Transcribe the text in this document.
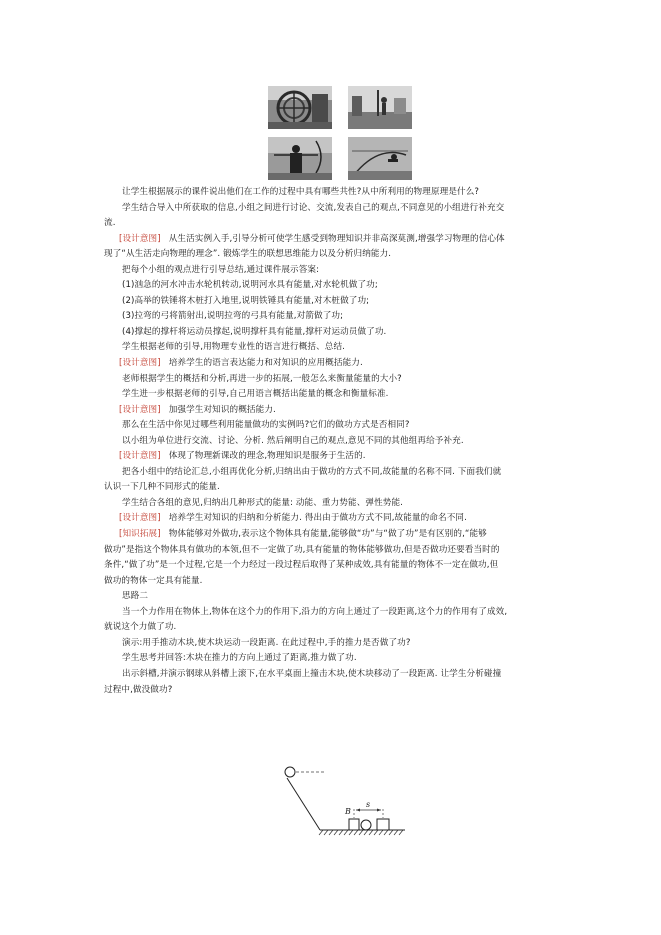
让学生根据展示的课件说出他们在工作的过程中具有哪些共性?从中所利用的物理原理是什么?

学生结合导入中所获取的信息,小组之间进行讨论、交流,发表自己的观点,不同意见的小组进行补充交

流.

[设计意图] 从生活实例入手,引导分析可使学生感受到物理知识并非高深莫测,增强学习物理的信心体

现了“从生活走向物理的理念”. 锻炼学生的联想思维能力以及分析归纳能力.

把每个小组的观点进行引导总结,通过课件展示答案:

(1)汹急的河水冲击水轮机转动,说明河水具有能量,对水轮机做了功;

(2)高举的铁锤将木桩打入地里,说明铁锤具有能量,对木桩做了功;

(3)拉弯的弓将箭射出,说明拉弯的弓具有能量,对箭做了功;

(4)撑起的撑杆将运动员撑起,说明撑杆具有能量,撑杆对运动员做了功.

学生根据老师的引导,用物理专业性的语言进行概括、总结.

[设计意图] 培养学生的语言表达能力和对知识的应用概括能力.

老师根据学生的概括和分析,再进一步的拓展,一般怎么来衡量能量的大小?

学生进一步根据老师的引导,自己用语言概括出能量的概念和衡量标准.

[设计意图] 加强学生对知识的概括能力.

那么在生活中你见过哪些利用能量做功的实例吗?它们的做功方式是否相同?

以小组为单位进行交流、讨论、分析. 然后阐明自己的观点,意见不同的其他组再给予补充.

[设计意图] 体现了物理新课改的理念,物理知识是服务于生活的.

把各小组中的结论汇总,小组再优化分析,归纳出由于做功的方式不同,故能量的名称不同. 下面我们就

认识一下几种不同形式的能量.

学生结合各组的意见,归纳出几种形式的能量: 动能、重力势能、弹性势能.

[设计意图] 培养学生对知识的归纳和分析能力. 得出由于做功方式不同,故能量的命名不同.

[知识拓展] 物体能够对外做功,表示这个物体具有能量,能够做“功”与“做了功”是有区别的,“能够

做功”是指这个物体具有做功的本领,但不一定做了功,具有能量的物体能够做功,但是否做功还要看当时的

条件,“做了功”是一个过程,它是一个力经过一段过程后取得了某种成效,具有能量的物体不一定在做功,但

做功的物体一定具有能量.

思路二

当一个力作用在物体上,物体在这个力的作用下,沿力的方向上通过了一段距离,这个力的作用有了成效,

就说这个力做了功.

演示:用手推动木块,使木块运动一段距离. 在此过程中,手的推力是否做了功?

学生思考并回答:木块在推力的方向上通过了距离,推力做了功.

出示斜槽,并演示钢球从斜槽上滚下,在水平桌面上撞击木块,使木块移动了一段距离. 让学生分析碰撞

过程中,做没做功?

B
s
